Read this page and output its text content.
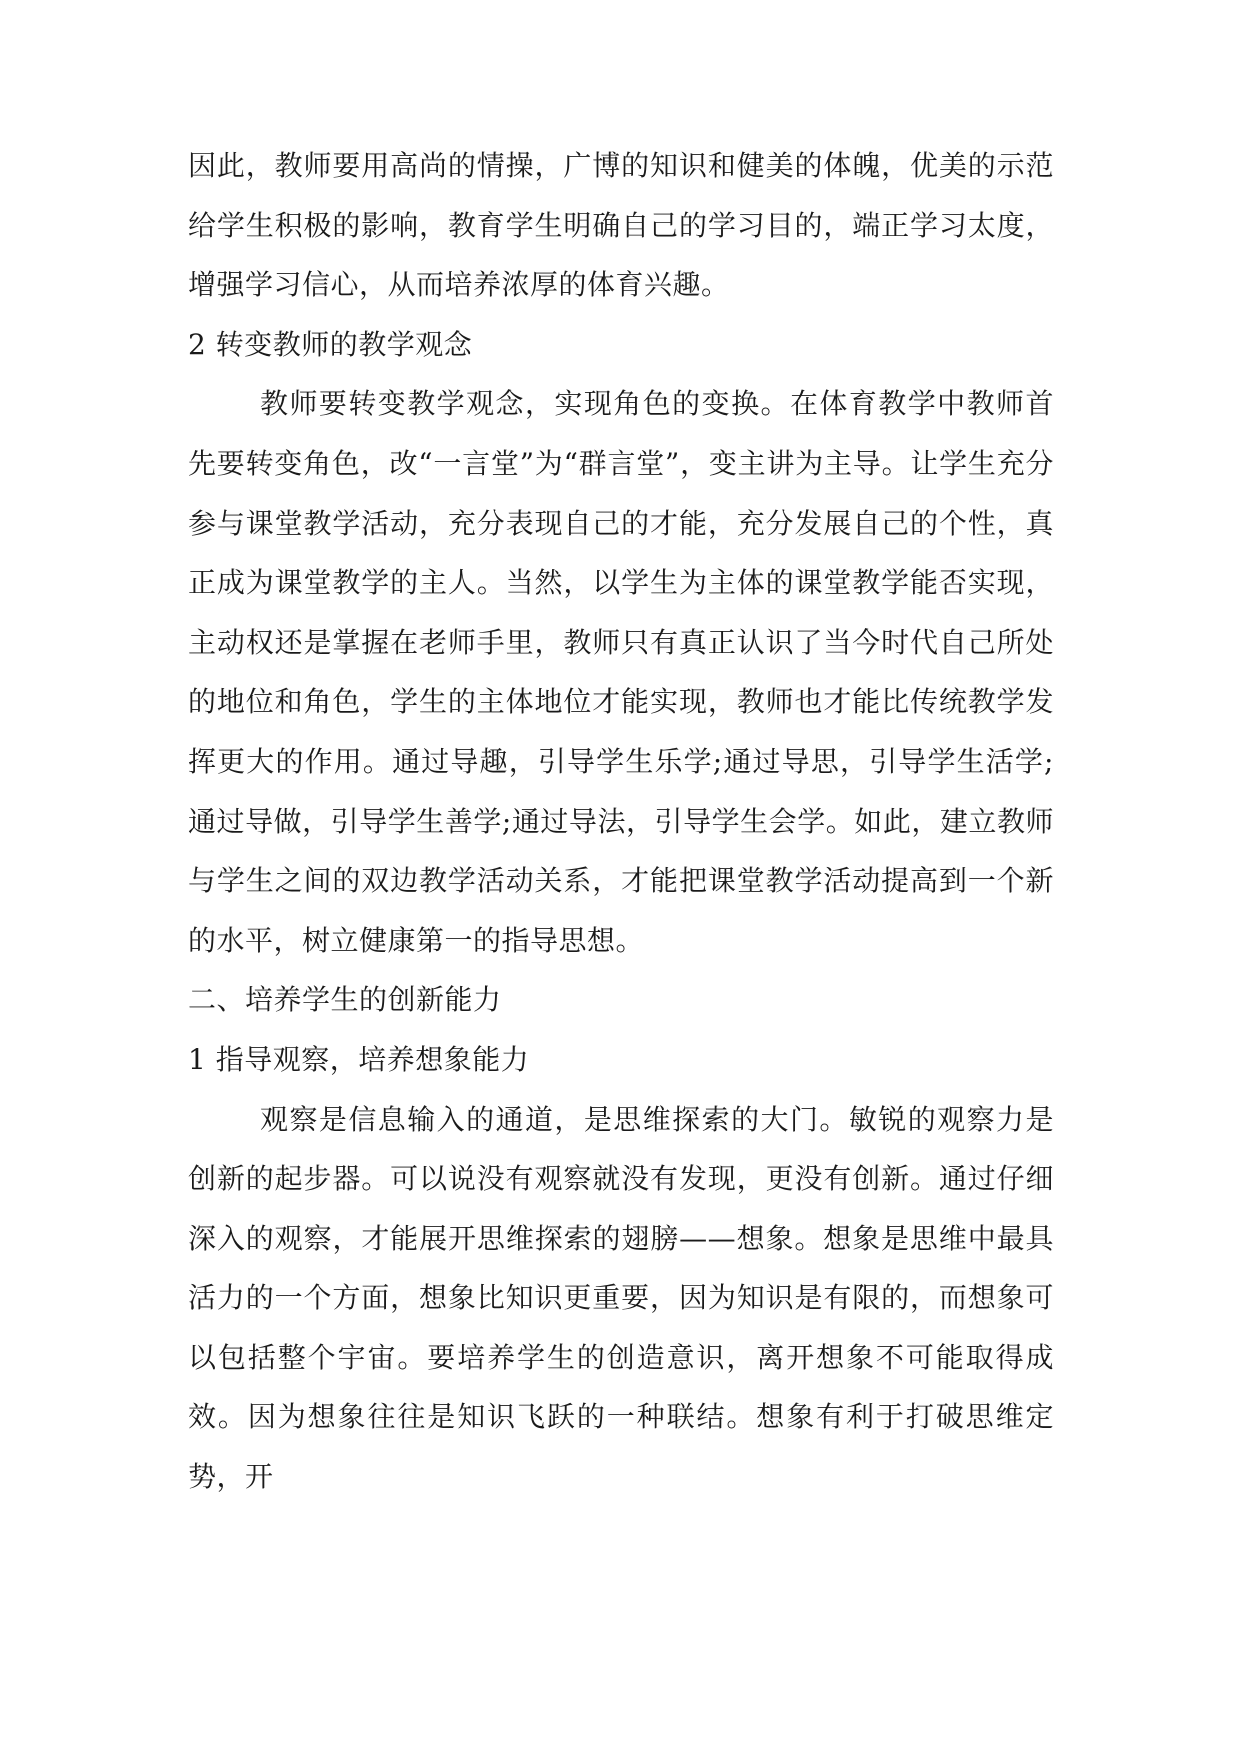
因此，教师要用高尚的情操，广博的知识和健美的体魄，优美的示范给学生积极的影响，教育学生明确自己的学习目的，端正学习太度，增强学习信心，从而培养浓厚的体育兴趣。

2 转变教师的教学观念

教师要转变教学观念，实现角色的变换。在体育教学中教师首先要转变角色，改“一言堂”为“群言堂”，变主讲为主导。让学生充分参与课堂教学活动，充分表现自己的才能，充分发展自己的个性，真正成为课堂教学的主人。当然，以学生为主体的课堂教学能否实现，主动权还是掌握在老师手里，教师只有真正认识了当今时代自己所处的地位和角色，学生的主体地位才能实现，教师也才能比传统教学发挥更大的作用。通过导趣，引导学生乐学;通过导思，引导学生活学;通过导做，引导学生善学;通过导法，引导学生会学。如此，建立教师与学生之间的双边教学活动关系，才能把课堂教学活动提高到一个新的水平，树立健康第一的指导思想。

二、培养学生的创新能力

1 指导观察，培养想象能力

观察是信息输入的通道，是思维探索的大门。敏锐的观察力是创新的起步器。可以说没有观察就没有发现，更没有创新。通过仔细深入的观察，才能展开思维探索的翅膀——想象。想象是思维中最具活力的一个方面，想象比知识更重要，因为知识是有限的，而想象可以包括整个宇宙。要培养学生的创造意识，离开想象不可能取得成效。因为想象往往是知识飞跃的一种联结。想象有利于打破思维定势，开
